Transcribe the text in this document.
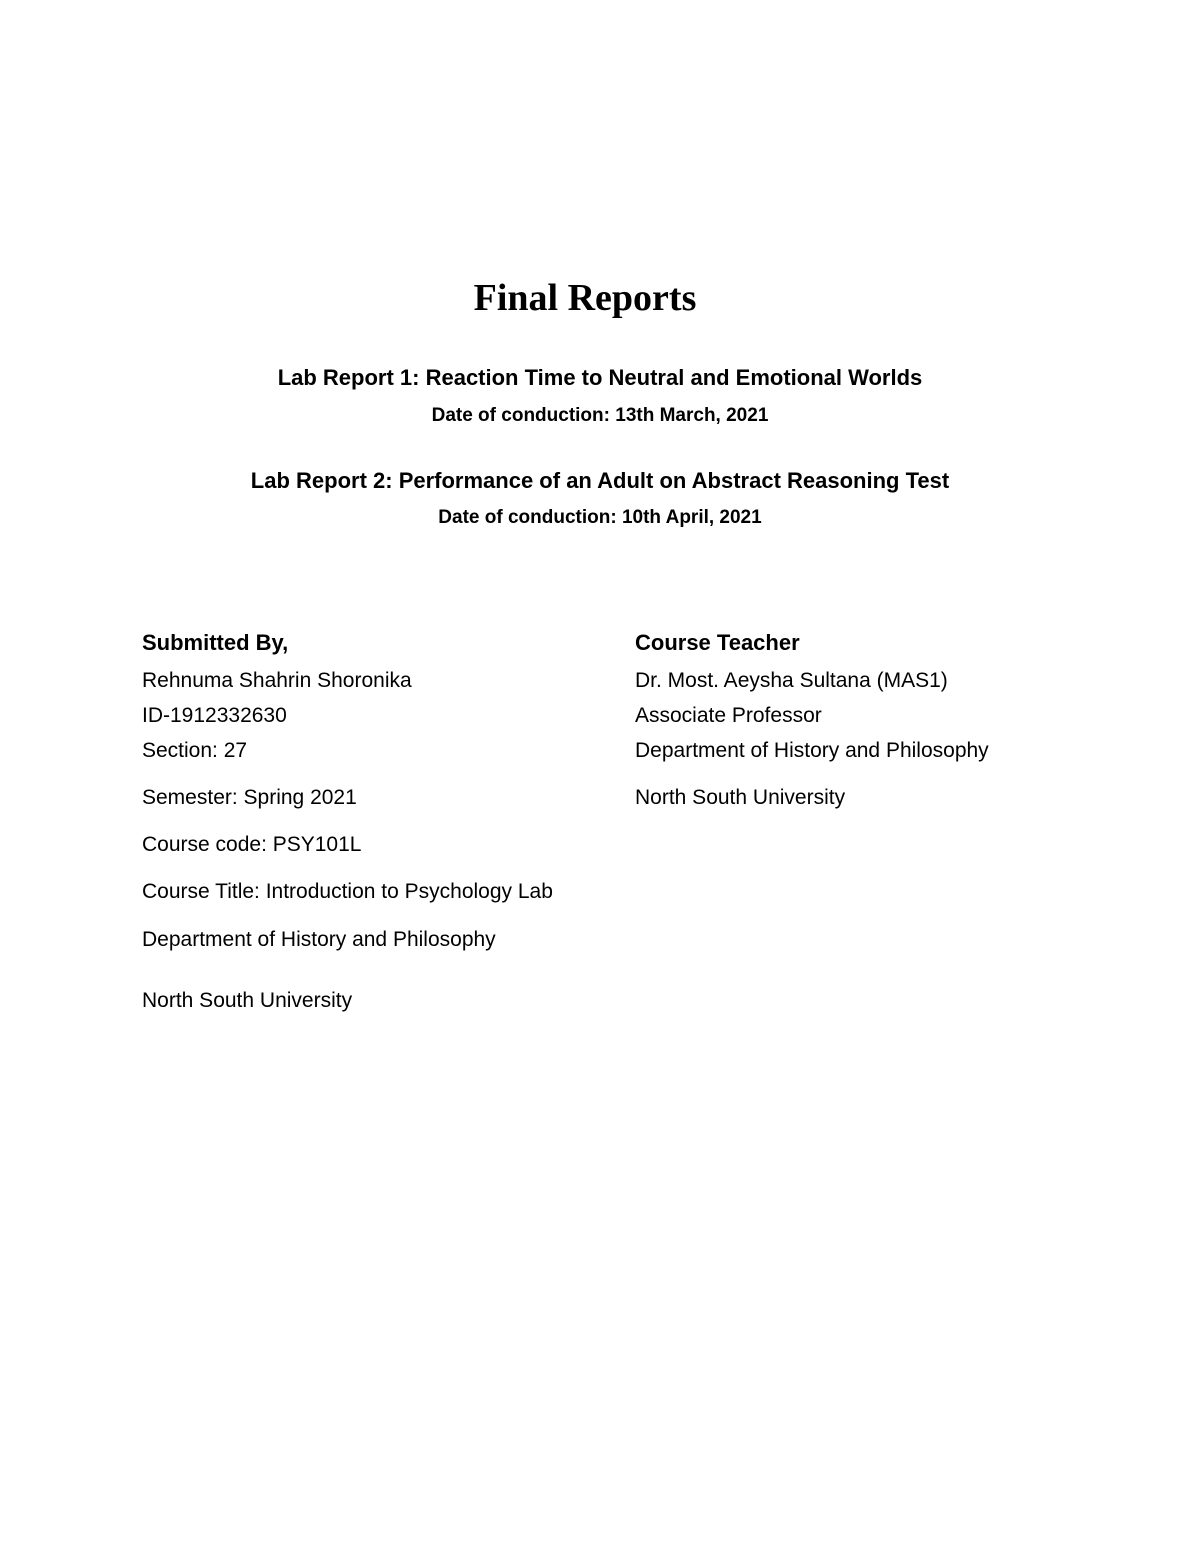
Final Reports
Lab Report 1: Reaction Time to Neutral and Emotional Worlds
Date of conduction: 13th March, 2021
Lab Report 2: Performance of an Adult on Abstract Reasoning Test
Date of conduction: 10th April, 2021
Submitted By,
Rehnuma Shahrin Shoronika
ID-1912332630
Section: 27
Semester: Spring 2021
Course code: PSY101L
Course Title: Introduction to Psychology Lab
Department of History and Philosophy
North South University
Course Teacher
Dr. Most. Aeysha Sultana (MAS1)
Associate Professor
Department of History and Philosophy
North South University
